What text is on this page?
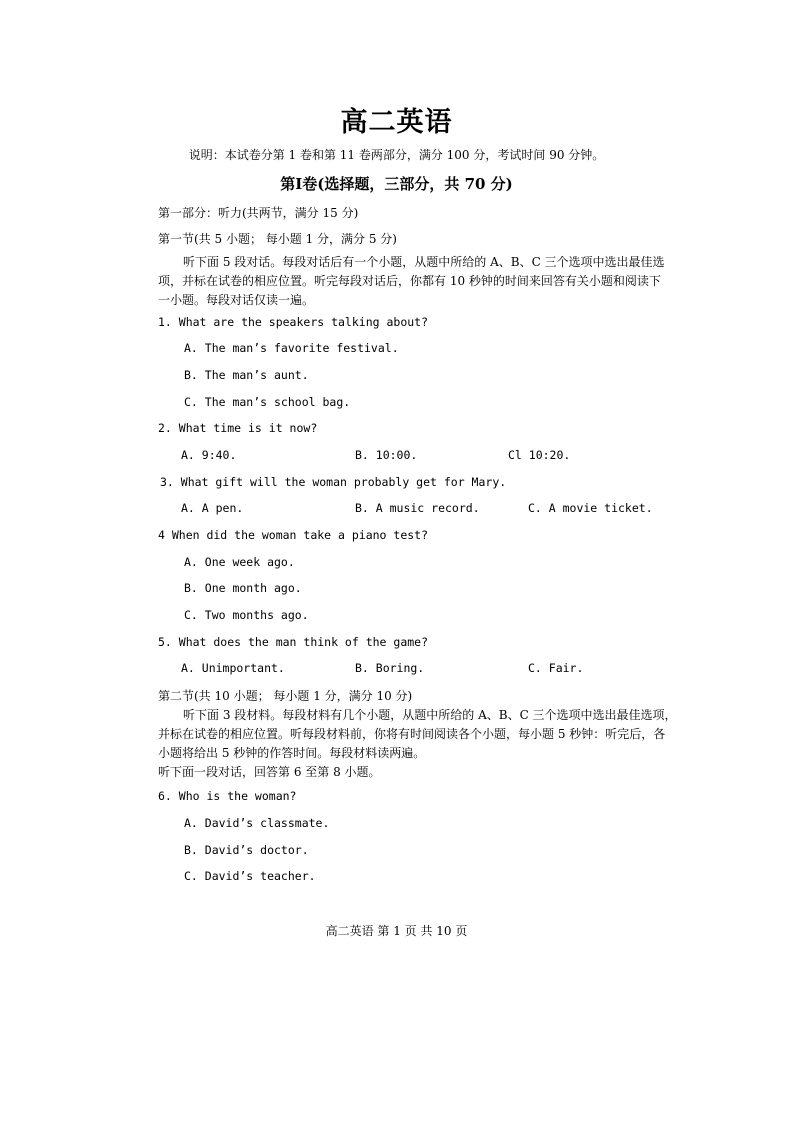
高二英语
说明：本试卷分第 1 卷和第 11 卷两部分，满分 100 分，考试时间 90 分钟。
第Ⅰ卷(选择题，三部分，共 70 分)
第一部分：听力(共两节，满分 15 分)
第一节(共 5 小题； 每小题 1 分，满分 5 分)
听下面 5 段对话。每段对话后有一个小题，从题中所给的 A、B、C 三个选项中选出最佳选
项，并标在试卷的相应位置。听完每段对话后，你都有 10 秒钟的时间来回答有关小题和阅读下
一小题。每段对话仅读一遍。
1. What are the speakers talking about?
A. The man’s favorite festival.
B. The man’s aunt.
C. The man’s school bag.
2. What time is it now?
A. 9:40.	B. 10:00.	Cl 10:20.
3. What gift will the woman probably get for Mary.
A. A pen.	B. A music record.	C. A movie ticket.
4 When did the woman take a piano test?
A. One week ago.
B. One month ago.
C. Two months ago.
5. What does the man think of the game?
A. Unimportant.	B. Boring.	C. Fair.
第二节(共 10 小题； 每小题 1 分，满分 10 分)
听下面 3 段材料。每段材料有几个小题，从题中所给的 A、B、C 三个选项中选出最佳选项，
并标在试卷的相应位置。听每段材料前，你将有时间阅读各个小题，每小题 5 秒钟：听完后，各
小题将给出 5 秒钟的作答时间。每段材料读两遍。
听下面一段对话，回答第 6 至第 8 小题。
6. Who is the woman?
A. David’s classmate.
B. David’s doctor.
C. David’s teacher.
高二英语 第 1 页 共 10 页
